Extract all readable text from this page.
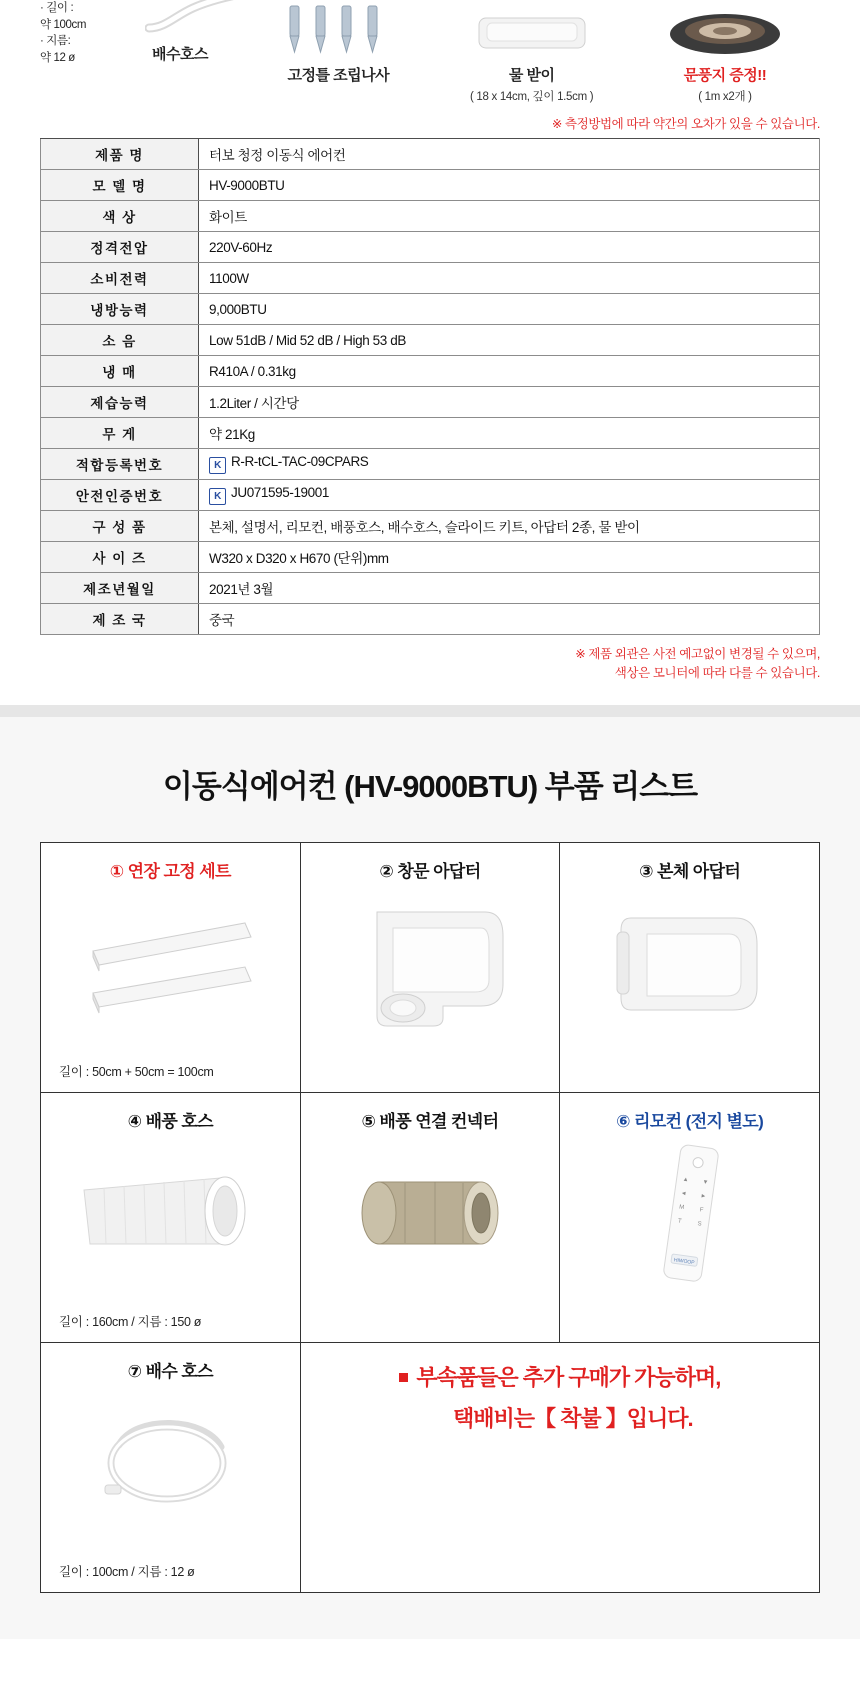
· 길이 :
약 100cm
· 지름:
약 12 ø	배수호스
고정틀 조립나사	물 받이
( 18 x 14cm, 깊이 1.5cm )
문풍지 증정!!
( 1m x2개 )
※ 측정방법에 따라 약간의 오차가 있을 수 있습니다.
제품 명	터보 청정 이동식 에어컨
모 델 명	HV-9000BTU
색 상	화이트
정격전압	220V-60Hz
소비전력	1100W
냉방능력	9,000BTU
소 음	Low 51dB / Mid 52 dB / High 53 dB
냉 매	R410A / 0.31kg
제습능력	1.2Liter / 시간당
무 게	약 21Kg
적합등록번호	K R-R-tCL-TAC-09CPARS
안전인증번호	K JU071595-19001
구 성 품	본체, 설명서, 리모컨, 배풍호스, 배수호스, 슬라이드 키트, 아답터 2종, 물 받이
사 이 즈	W320 x D320 x H670 (단위)mm
제조년월일	2021년 3월
제 조 국	중국
※ 제품 외관은 사전 예고없이 변경될 수 있으며,
색상은 모니터에 따라 다를 수 있습니다.
이동식에어컨 (HV-9000BTU) 부품 리스트
① 연장 고정 세트
길이 : 50cm + 50cm = 100cm	② 창문 아답터	③ 본체 아답터

④ 배풍 호스
길이 : 160cm / 지름 : 150 ø

⑤ 배풍 연결 컨넥터	⑥ 리모컨 (전지 별도)
▲ ▼
◄ ►
M F
T	S
HIWOOP

⑦ 배수 호스
길이 : 100cm / 지름 : 12 ø

부속품들은 추가 구매가 가능하며,
택배비는【 착불 】입니다.
